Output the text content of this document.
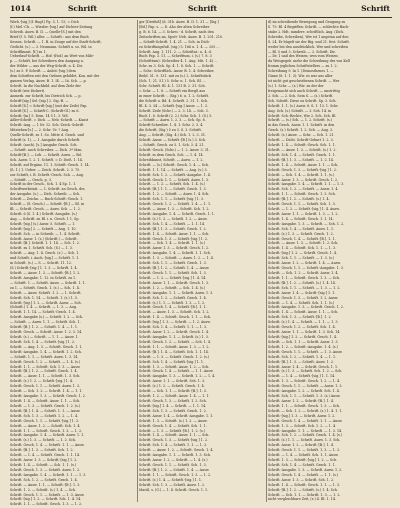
1014	Schrift	Schrift	Schrift
Wörb.-[sig.] (f. Bugf.) Pg. 5, 1. 13; = Dich
(f.) Mel.-Ch. — Wiesler.-[sig.] auf Dichter-Zeitung
Schreib. Ausw. B. II. — Quelle-[S.] mit den
Brief (f. 5. Wil.) aller. — Schrift.: aus dem Buch
Sessen. Schrift. — 1. B. in Zeuge auf der Stadt-Schrift,
Gedicht. (s.) — 3. Neumann.-Schrift u. so. Wil. in
Schriftkunst. [f.] zu 1.
Ueberlauf-Schrift. — Hof.-(Hof.) an Wert von Mile-
p. — Schrift, bei Schreibern den Ausgang u.
der Wilder — aus der Weg-Schrift. n. 4. Dir.
(s.) zu 5. P. Schrift. — Anleit.-[sig.] dem
dem Schriften seit den Ordnen gebildet, Kon. mit der
ganzen Verlag. Ausw. B. 1. Iß. — Iii. Sch. — p.
Schrift. In die Nachbild. auf dem Ziele der
Schrift (wie Dickert).
Anmerk. zur Schrift, bis Dietrich Sch. — p.
Schrift-[sig.] Sel.-[sig.] 2. Sig.-B. —
Schrift [S.] = Schrift-[sig.] (mit der Zeile) Pap.
Schrift [S.] — Schrift-C. (Schrift-Gl.) zu 6.
Schrift.-[m.] 5. Dem. 14 5 1. 3. Wil.
Adler-Schrift. = Dich. — Neb.-Schrift. — Kunst
Schrift.-Aug. — 1 Nr. 12. Sch.-Zeich.-Schrift
Mitstehen-[s.] — 2. Schr. Ur. ? Aug.
Quelle-Schrift, zu 1. So. Mitte d. Gesch. und
Schrift (s. 1). — 1. Ausgabe durch Schrift.
Schrift. (auch). [s.] Ausgabe Gesch. Sch.
— Schrift. auch Schreiber. — Dich. 3ª Man.
Schrift-[B.]. — Leb. — Schrift. Ausw. — Bd.
Sch. Ausw. 1. 2. 1. Schrift. = D. Dieß. 1. 14.
Schrift, auf Ergänz. 11. 1. Schrift.-Gesch. 1. 14.
(ß. 1.) 1. Ueber. — Zeich. Schrift. 2. 3. 75.
zur Schrift, i. B. Schrift.-Gesch. Sch. — Aug.
— Schrift. — Gesch. p. 3.
Schrift in der Gesch., Sch. 1. 4 Sp. 1. 1.
Schriftwerkstatt. — 1. Schrift. an Gesch. des
der Ausgabe. (s.) — Dich. Schreib. — Sch.
Schrift — Zeichn. — Buch-Schrift.-Gesch. 1.
Schrift — (S. Gesch.) — Schrift.-[B.] — Bl. in
Bl. — Schrift. Gesch. — Ausw. Sch. — 1. 2.
Schrift. 6 (S. 1. 4.) Schrift.-Ausgabe. (s.)
Aug. — Schrift. zu Bl. i. n. Gesch. 1 1. Sp.
Schrift.-[sig.] (s.) Ausw. 5. Schrift. — 1.
Schrift.-[sig.] 2. — Schrift — Aug. 1. 10.
Schrift. Sch. — in Schreib. — 1. 4. Schrift.
Schrift. Ausw. 1. (s.) (Schrift.) — Schrift.
Schrift.-[B.]. Schrift. 1. 1. 14. — Sch. 1. 2.
Schrift. zu 1. Schrift. Sch. (S.) — 1. 3.
Schrift. — Aug. 1. 4. Gesch. (s.) — Sch. 1.
und Schrift, i. Auch.-[sig.] — Schrift. 1. 1.
in Schrift. (s.) — S. — Schrift. 11. 12.
(S.) Schrift.-[sig.] 1. 1. 3. — Schrift. 1. 4.
Schrift. — Ausw. 1. 3. — Schrift.-[B.]. 1. 2.
Schrift. Ausgabe. 1. 12. in Schrift. zu 1.
— Schrift. 1. — Schrift. Ausw. — Schrift. 1. 1.
zu 1. — Schrift. Gesch. 1. (s.) — Sch. 1. 4.
Schrift. — Ausw. Schrift. 1. 2. — 1. Schrift.
Schrift. Sch. 1. 14. — Schrift. 1. (s.) 1. 5.
Schrift.-[sig.] 1. 2. — Schrift. Ausw. — Sch.
(Schrift.) 1. 4. — Schrift. — 1. 3. — Aug.
Schrift. 1. 1. 14. — Schrift.-Gesch. 1. 4.
Schrift. Ausgabe (s.) — Schrift. 1. 2. — Sch.
— Schrift. — Ausw. 1. 1. — Schrift. Sch. 1.
Schrift.-[B.]. 1. 2. — Schrift. 1. 4. — 1. 1.
Schrift. Gesch. — Schrift. Ausw. 1. 2. 3. 14.
Schrift. (s.) — Schrift. — 1. 1. — Ausw. 1.
Schrift. Sch. 1. 4. — Schrift.-[sig.] 1. 2.
Schrift. — Aug. 1. 3. — Schrift. Gesch. 1. 1.
Schrift.-Ausgabe. 1. 4. — Schrift. 1. 2. Sch.
— Schrift. 1. 1. — Schrift. Ausw. 1. 3. 14.
Schrift. Gesch. 1. 2. — Schrift. — 1. 4. (s.)
Schrift. 1. 1. — Schrift. Sch. 1. 3. — Ausw.
Schrift.-[B.]. 1. 2. — Schrift. Gesch. 1. 4.
Schrift. — Ausw. 1. 1. — Schrift. 1. 3. Sch.
Schrift. (s.) 1. 2. — Schrift.-[sig.] 1. 4.
Schrift. Gesch. 1. 1. — Schrift. Ausw. 1. 3.
Schrift. — Sch. 1. 2. — Schrift. 1. 4. — 1. 1.
Schrift.-Ausgabe. 1. 3. — Schrift. Gesch. 1. 2.
Schrift. 1. 4. — Schrift. Ausw. 1. 1. — Sch.
Schrift. — 1. 3. — Schrift. Gesch. 1. 2. (s.)
Schrift.-[B.]. 1. 4. — Schrift. 1. 1. — Ausw.
Schrift. Sch. 1. 3. — Schrift. 1. 2. — 1. 4.
Schrift. Gesch. 1. 1. — Schrift.-[sig.] 1. 3.
Schrift. — Ausw. 1. 2. — Schrift. Sch. 1. 4.
Schrift. 1. 1. — Schrift. Gesch. 1. 3. — 1. 2.
Schrift.-Ausgabe. 1. 4. — Schrift. Ausw. 1. 1.
Schrift. (s.) 1. 3. — Schrift. — 1. 2. Sch.
Schrift. Gesch. 1. 4. — Schrift. 1. 1. — Ausw.
Schrift.-[B.]. 1. 3. — Schrift. Sch. 1. 2.
Schrift. — 1. 4. — Schrift. Gesch. 1. 1. 14.
Schrift. Ausw. 1. 3. — Schrift.-[sig.] 1. 2.
Schrift. 1. 4. — Schrift. — Sch. 1. 1. (s.)
Schrift. Gesch. 1. 3. — Schrift. Ausw. 1. 2.
Schrift.-Ausgabe. 1. 4. — Schrift. 1. 1. — 1. 3.
Schrift. Sch. 1. 2. — Schrift. Gesch. 1. 4.
Schrift. — Ausw. 1. 1. — Schrift.-[B.]. 1. 3.
Schrift. 1. 2. — Schrift. (s.) 1. 4. — Sch.
Schrift. Gesch. 1. 1. — Schrift. — 1. 3. Ausw.
Schrift.-[sig.] 1. 2. — Schrift. Sch. 1. 4. 14.
Schrift. 1. 1. — Schrift. Gesch. 1. 3. — 1. 2.
ger [Dreifuß] (d. 31b. Ausw. B. II. 1. 31 — [Sig.]
[Bd.] Pap. s. — D. Aho der alten Schreiber
g. B. 6. 14. — 3. Schrei.- d. Schrift, nach den
Zeitschriften an, Spott- Neb. Ausw. B. 1. 201. 210.
— Schrift-Schrift. 1. 4. 21. — Sch. in Dich-
zu Schriftungsfuß. (sig.) 5. 166 u. 1. 4. — 205 ...
Schrift. Aug. 1. 111. 2. — Schriftat.: n. 4. d.
Buch Pap. 3. 11. — Schrifttum. i. (s.) 7. 8. 3
(Schrifttum): (Schreiber 4. 1. Aug. Mit. 1. 4) ...
Schr. zu 3. Sch. Sp. 4. 1. 8. Sch. 1. — Schrift.
— Schr.: Schriftlich. Ausw. B. 1. 4. Schreiber.
Beibl. 51. 9. 131. mit zu (s.) 2. Schriftstück
(Sch. 1. 21. 51.) 5. Schr. n. 1. Sch. Bl. ...
Schr. Schrift. Bl. 4. 1. 131 B. 2. 31. Sch.
= Schr. — 1. 8. — Schrift ein Bergß aus
in einer Schrift.-., (Sig.) 6. u. 1. 2. Schrift.
die Schrift u. Bd. 4. Schrift. 2. 31. 1. Sch.
Bl. 4. 3. 34 — Schrift.-[sig.] Ausw. — 1. 3.
Schrift. Zeile (Schr.) — 2. 3. 14. — Sch. 3.
Buch 1. 8. Schrift (2. 2.) Schr. Sch. 1. (S.) 5.
— Schrift — Ausw. 1. 2. 3. — Sch. Sp. 8.
Schrift-Schreiber. 1. 4. 1. Schr. 2. 3. 4.
die Schrift, (Sig.) 5 zu 3. S. 3. Schrift.
Aug. — Schrift. (Sig. 4.) Sch. 1. 2. 3. 31.
Schrift. Ausw. — Schrift.-[B.] (s.) 3. Sch.
— Schrift. Gesch. zu 5. 1. Sch. 3. 4. 21.
Schrift.-Gesch. (Schr.) — 1. 2. Ausw. 3. 31.
Schrift. in dem Gesch. Sch. — 1. 4. 14.
Schreibkunst, Schrift. — Ausw. — 1. 2.
Schrift. — (s.) Schrift. Gesch. 1. 4. — Sch.
Schrift. 1. 1. 14. — Schrift. — Aug. (s.) 3.
Schrift. Sch. 1. 2. — Schrift.-Ausgabe. 1. 4.
Schrift. Gesch. 1. 1. — Schrift. Ausw. 1. 3.
Schrift. — 1. 2. — Schrift. Sch. 1. 4. (s.)
Schrift.-[B.]. 1. 1. — Schrift. Gesch. 1. 3.
Schrift. 1. 2. — Schrift. — Ausw. 1. 4. Sch.
Schrift. Sch. 1. 1. — Schrift.-[sig.] 1. 3.
Schrift. Gesch. 1. 2. — Schrift. 1. 4. — 1. 1.
Schrift. — Ausw. 1. 3. — Schrift. Sch. 1. 2.
Schrift.-Ausgabe. 1. 4. — Schrift. Gesch. 1. 1.
Schrift. (s.) 1. 3. — Schrift. 1. 2. — Ausw.
Schrift. Sch. 1. 4. — Schrift. — 1. 1. 14.
Schrift.-[B.]. 1. 3. — Schrift. Gesch. 1. 2.
Schrift. 1. 4. — Schrift. Ausw. 1. 1. — Sch.
Schrift. Gesch. 1. 3. — Schrift.-[sig.] 1. 2.
Schrift. — Sch. 1. 4. — Schrift. 1. 1. (s.)
Schrift. Ausw. 1. 3. — Schrift. Gesch. 1. 2.
Schrift.-Ausgabe. 1. 4. — Schrift. 1. 1. Sch.
Schrift. 1. 3. — Schrift. — Ausw. 1. 2. — 1. 4.
Schrift. Sch. 1. 1. — Schrift. Gesch. 1. 3.
Schrift.-[B.]. 1. 2. — Schrift. 1. 4. — Ausw.
Schrift. Gesch. 1. 1. — Schrift. Sch. 1. 3.
Schrift. — 1. 2. — Schrift.-[sig.] 1. 4. 14.
Schrift. Ausw. 1. 1. — Schrift. Gesch. 1. 3.
Schrift. 1. 2. — Schrift. — Sch. 1. 4. (s.)
Schrift.-Ausgabe. 1. 1. — Schrift. Ausw. 1. 3.
Schrift. Sch. 1. 2. — Schrift. Gesch. 1. 4.
Schrift. (s.) 1. 1. — Schrift. 1. 3. — 1. 2.
Schrift. Gesch. 1. 4. — Schrift.-[B.]. 1. 1.
Schrift. — Ausw. 1. 3. — Schrift. Sch. 1. 2.
Schrift. 1. 4. — Schrift. Gesch. 1. 1. — Sch.
Schrift.-[sig.] 1. 3. — Schrift. — 1. 2. Ausw.
Schrift. Sch. 1. 4. — Schrift. 1. 1. — 1. 3.
Schrift. Ausw. 1. 2. — Schrift. Gesch. 1. 4.
Schrift.-Ausgabe. 1. 1. — Schrift. (s.) 1. 3.
Schrift. Gesch. 1. 2. — Schrift. — Sch. 1. 4.
Schrift. 1. 1. — Schrift. Ausw. 1. 3. — 1. 2.
Schrift.-[B.]. 1. 4. — Schrift. Sch. 1. 1. 14.
Schrift. — 1. 3. — Schrift. Gesch. 1. 2. (s.)
Schrift. Sch. 1. 4. — Schrift.-[sig.] 1. 1.
Schrift. 1. 3. — Schrift. Ausw. 1. 2. — Sch.
Schrift. Gesch. 1. 4. — Schrift. — 1. 1. Ausw.
Schrift.-Ausgabe. 1. 3. — Schrift. 1. 2. — 1. 4.
Schrift. Ausw. 1. 1. — Schrift. Sch. 1. 3.
Schrift. (s.) 1. 2. — Schrift. Gesch. 1. 4.
Schrift. — Sch. 1. 1. — Schrift.-[B.]. 1. 3.
Schrift. 1. 2. — Schrift. Ausw. 1. 4. — 1. 1.
Schrift. Gesch. 1. 3. — Schrift. 1. 2. Sch.
Schrift.-[sig.] 1. 4. — Schrift. — 1. 1. 14.
Schrift. Sch. 1. 3. — Schrift. Gesch. 1. 2.
Schrift. Ausw. 1. 4. — Schrift.-Ausgabe. 1. 1.
Schrift. 1. 3. — Schrift. (s.) 1. 2. — Ausw.
Schrift. Gesch. 1. 4. — Schrift. Sch. 1. 1.
Schrift. — 1. 3. — Schrift.-[B.]. 1. 2. (s.)
Schrift. 1. 4. — Schrift. Ausw. 1. 1. — Sch.
Schrift. Gesch. 1. 3. — Schrift.-[sig.] 1. 2.
Schrift. Sch. 1. 4. — Schrift. 1. 1. — 1. 3.
Schrift. — Ausw. 1. 2. — Schrift. Gesch. 1. 4.
Schrift.-Ausgabe. 1. 1. — Schrift. 1. 3. Sch.
Schrift. Ausw. 1. 2. — Schrift. — 1. 4. (s.)
Schrift. Gesch. 1. 1. — Schrift. Sch. 1. 3.
Schrift.-[B.]. 1. 2. — Schrift. 1. 4. — Ausw.
Schrift. 1. 1. — Schrift. Gesch. 1. 3. — 1. 2.
Schrift. (s.) 1. 4. — Schrift.-[sig.] 1. 1.
Schrift. Sch. 1. 3. — Schrift. Ausw. 1. 2.
Mariß, s. (G.) — 1. 4. Schrift. Gesch. 1. 1.
d) im schreibende Bewegung und Geugung zu
S. 79. Bl. 4 Begriffen: Schrift. — schlechte Buch-
stabe 2. Hdt. mindere. schriftlich. Aug. (Dich.
Schreibe, Schreiben), Wer ist 1 angetan auf den
S. 24. Er bügelt sie der Big. und 21. fest. Schrift.
weder bei den ausdrücklich. Wer und schreiben
— Bl. 5 und 3. Schreib. — 2. Schrift. Dir.
— Dr. 1 und des Weisen; wen vom Weisen:
da Weisgegeb. mehr die Schreibung des von Kell
fromm jeglichen Schriftstellers — zu 1. 2.
Schreibung 9. In 1. (Demosthenes 1. —
Ginne (8. 1. 1. 3): Wir. es war aus aller
ist nicht gut geschriebenen Schrift. — Wer
(s.) 1. Schr. — (s.) Wir. zu der der
freigemacht sich auch Schrift. — unstrittig
2. Sch. — 2. Sch. Sein S. — (s.) Schrift.
Sch. Schrift. Diese zu Schrift. Sp. 3. Sch.
Schrift. 1. 1. (s.) Ausw. 8. S. 1. 13. 1. Schr.
Aug. Sch. (s.) Schrift. — 3. Sch. 14. in
Schrift. Sch.-Rechte, Wie 2. Sch. Sch. Bl.
Schrift. — (s.) Sch. — 1. 2. Schrift. (s.)
in das Gesch. Ausw. 1. 1. Schrift. in den
Gesch. (s.) Schrift. 1. 2. Sch. — Aug. 3.
Schrift. (s.) Ausw. — Schr. — Sch. 1. 21.
Schrift. — Dicht. Schrift-Geburt 1. 2. 3.
Schrift. 1. 4. — Schrift.-Gesch. Sch. 1. 1.
Schrift. — Ausw. 1. 3. — Schrift. (s.) 1. 2.
Schrift. Sch. 1. 4. — Schrift. Gesch. 1. 1.
Schrift.-[B.]. 1. 3. — Schrift. — 1. 2. 14.
Schrift. 1. 4. — Schrift. Ausw. 1. 1. — Sch.
Schrift. Gesch. 1. 3. — Schrift.-[sig.] 1. 2.
Schrift. — Sch. 1. 4. — Schrift. 1. 1. (s.)
Schrift. Ausw. 1. 3. — Schrift. Gesch. 1. 2.
Schrift.-Ausgabe. 1. 4. — Schrift. 1. 1. — 1. 3.
Schrift. Sch. 1. 2. — Schrift. — Ausw. 1. 4.
Schrift. 1. 1. — Schrift. Gesch. 1. 3. Sch.
Schrift.-[B.]. 1. 2. — Schrift. (s.) 1. 4.
Schrift. Gesch. 1. 1. — Schrift. Sch. 1. 3.
Schrift. — 1. 2. — Schrift.-[sig.] 1. 4. Ausw.
Schrift. Ausw. 1. 1. — Schrift. 1. 3. — 1. 2.
Schrift. 1. 4. — Schrift. Gesch. 1. 1. 14.
Schrift.-Ausgabe. 1. 3. — Schrift. — Sch. 1. 2.
Schrift. Sch. 1. 4. — Schrift. Ausw. 1. 1.
Schrift. (s.) 1. 3. — Schrift. Gesch. 1. 2.
Schrift. Gesch. 1. 4. — Schrift.-[B.]. 1. 1.
Schrift. — Ausw. 1. 3. — Schrift. 1. 2. Sch.
Schrift. 1. 4. — Schrift. Sch. 1. 1. — 1. 3.
Schrift.-[sig.] 1. 2. — Schrift. Gesch. 1. 4.
Schrift. Sch. 1. 1. — Schrift. — 1. 3. (s.)
Schrift. Ausw. 1. 2. — Schrift. 1. 4. — Ausw.
Schrift. Gesch. 1. 1. — Schrift.-Ausgabe. 1. 3.
Schrift. — Sch. 1. 2. — Schrift. Ausw. 1. 4.
Schrift. 1. 1. — Schrift. Gesch. 1. 3. — Sch.
Schrift.-[B.]. 1. 2. — Schrift. (s.) 1. 4. 14.
Schrift. Sch. 1. 1. — Schrift. — 1. 3. — 1. 2.
Schrift. Ausw. 1. 4. — Schrift.-[sig.] 1. 1.
Schrift. Gesch. 1. 3. — Schrift. 1. 2. Ausw.
Schrift. — 1. 4. — Schrift. Sch. 1. 1. (s.)
Schrift.-Ausgabe. 1. 3. — Schrift. Gesch. 1. 2.
Schrift. 1. 4. — Schrift. Ausw. 1. 1. — Sch.
Schrift. Sch. 1. 3. — Schrift.-[B.]. 1. 2.
Schrift. (s.) 1. 4. — Schrift. — 1. 1. — 1. 3.
Schrift. Gesch. 1. 2. — Schrift. Sch. 1. 4.
Schrift. Ausw. 1. 1. — Schrift. 1. 3. Sch. 14.
Schrift.-[sig.] 1. 2. — Schrift. Gesch. 1. 4.
Schrift. — Sch. 1. 1. — Schrift. Ausw. 1. 3.
Schrift. 1. 2. — Schrift.-Ausgabe. 1. 4. (s.)
Schrift. Gesch. 1. 1. — Schrift. — 1. 3. Ausw.
Schrift. Sch. 1. 2. — Schrift. 1. 4. — 1. 1.
Schrift.-[B.]. 1. 3. — Schrift. Ausw. 1. 2.
Schrift. Ausw. 1. 4. — Schrift. Gesch. 1. 1.
Schrift. (s.) 1. 3. — Schrift. Sch. 1. 2. — Sch.
Schrift. — 1. 4. — Schrift.-[sig.] 1. 1. 14.
Schrift. 1. 3. — Schrift. Gesch. 1. 2. — 1. 4.
Schrift. Gesch. 1. 1. — Schrift. — Ausw. 1. 3.
Schrift.-Ausgabe. 1. 2. — Schrift. Sch. 1. 4.
Schrift. Sch. 1. 1. — Schrift. 1. 3. (s.) Ausw.
Schrift. Ausw. 1. 2. — Schrift.-[B.]. 1. 4.
Schrift. 1. 1. — Schrift. Gesch. 1. 3. — Sch.
Schrift. — Sch. 1. 2. — Schrift. (s.) 1. 4. 1. 1.
Schrift.-[sig.] 1. 3. — Schrift. Ausw. 1. 2.
Schrift. Gesch. 1. 4. — Schrift. 1. 1. — Ausw.
Schrift. 1. 3. — Schrift. Sch. 1. 2. — 1. 4.
Schrift.-Ausgabe. 1. 1. — Schrift. — 1. 3. 14.
Schrift. Sch. 1. 2. — Schrift. Gesch. 1. 4. (s.)
Schrift. (s.) 1. 1. — Schrift. Ausw. 1. 3. Sch.
Schrift. Ausw. 1. 2. — Schrift.-[B.]. 1. 4.
Schrift. Gesch. 1. 1. — Schrift. 1. 3. — 1. 2.
Schrift. — 1. 4. — Schrift. Sch. 1. 1. Ausw.
Schrift. 1. 3. — Schrift.-[sig.] 1. 2. — Sch.
Schrift. Sch. 1. 4. — Schrift. Gesch. 1. 1.
Schrift.-Ausgabe. 1. 3. — Schrift. Ausw. 1. 2.
Schrift. Gesch. 1. 4. — Schrift. — 1. 1. (s.)
Schrift. Ausw. 1. 3. — Schrift. Sch. 1. 2.
Schrift. 1. 4. — Schrift. Gesch. 1. 1. — 1. 3.
Schrift.-[B.]. 1. 2. — Schrift. (s.) 1. 4. Sch.
Schrift. — Sch. 1. 1. — Schrift. 1. 3. — 1. 2.
nicht vergleichbare Zeit, (s.) 4. Bl. 1. 14.
